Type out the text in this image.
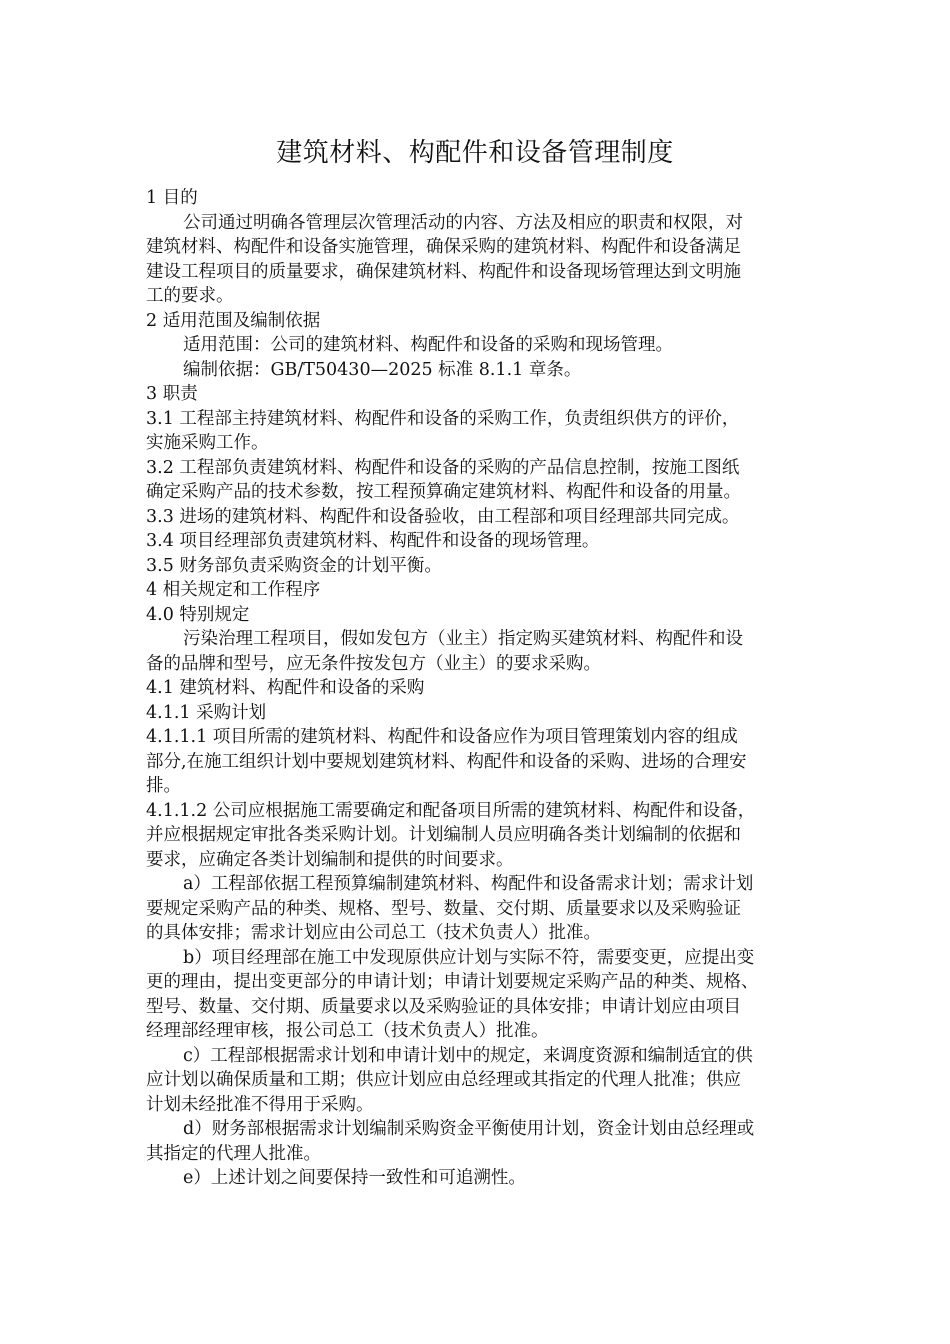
建筑材料、构配件和设备管理制度

1 目的

公司通过明确各管理层次管理活动的内容、方法及相应的职责和权限，对

建筑材料、构配件和设备实施管理，确保采购的建筑材料、构配件和设备满足

建设工程项目的质量要求，确保建筑材料、构配件和设备现场管理达到文明施

工的要求。

2 适用范围及编制依据

适用范围：公司的建筑材料、构配件和设备的采购和现场管理。

编制依据：GB/T50430—2025 标准 8.1.1 章条。

3 职责

3.1 工程部主持建筑材料、构配件和设备的采购工作，负责组织供方的评价，

实施采购工作。

3.2 工程部负责建筑材料、构配件和设备的采购的产品信息控制，按施工图纸

确定采购产品的技术参数，按工程预算确定建筑材料、构配件和设备的用量。

3.3 进场的建筑材料、构配件和设备验收，由工程部和项目经理部共同完成。

3.4 项目经理部负责建筑材料、构配件和设备的现场管理。

3.5 财务部负责采购资金的计划平衡。

4 相关规定和工作程序

4.0 特别规定

污染治理工程项目，假如发包方（业主）指定购买建筑材料、构配件和设

备的品牌和型号，应无条件按发包方（业主）的要求采购。

4.1 建筑材料、构配件和设备的采购

4.1.1 采购计划

4.1.1.1 项目所需的建筑材料、构配件和设备应作为项目管理策划内容的组成

部分,在施工组织计划中要规划建筑材料、构配件和设备的采购、进场的合理安

排。

4.1.1.2 公司应根据施工需要确定和配备项目所需的建筑材料、构配件和设备，

并应根据规定审批各类采购计划。计划编制人员应明确各类计划编制的依据和

要求，应确定各类计划编制和提供的时间要求。

a）工程部依据工程预算编制建筑材料、构配件和设备需求计划；需求计划

要规定采购产品的种类、规格、型号、数量、交付期、质量要求以及采购验证

的具体安排；需求计划应由公司总工（技术负责人）批准。

b）项目经理部在施工中发现原供应计划与实际不符，需要变更，应提出变

更的理由，提出变更部分的申请计划；申请计划要规定采购产品的种类、规格、

型号、数量、交付期、质量要求以及采购验证的具体安排；申请计划应由项目

经理部经理审核，报公司总工（技术负责人）批准。

c）工程部根据需求计划和申请计划中的规定，来调度资源和编制适宜的供

应计划以确保质量和工期；供应计划应由总经理或其指定的代理人批准；供应

计划未经批准不得用于采购。

d）财务部根据需求计划编制采购资金平衡使用计划，资金计划由总经理或

其指定的代理人批准。

e）上述计划之间要保持一致性和可追溯性。
